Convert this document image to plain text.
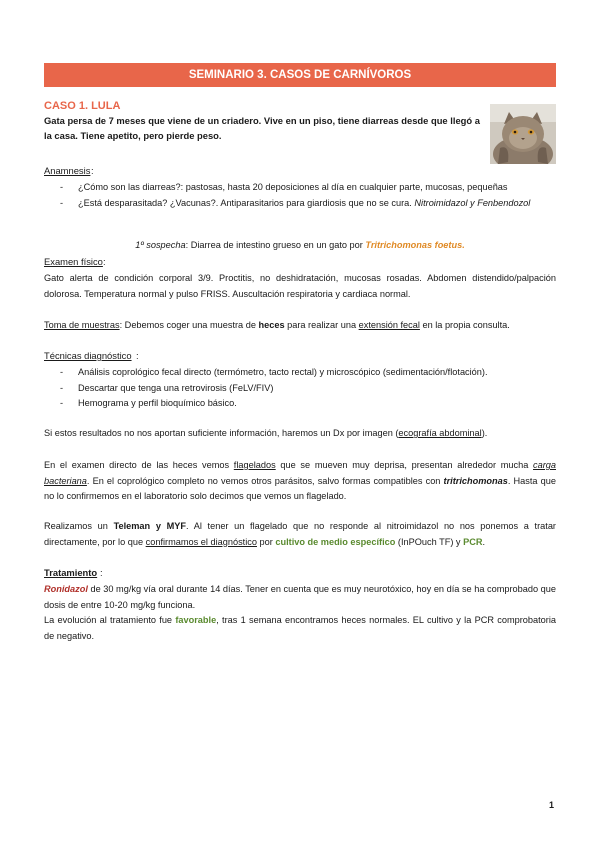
SEMINARIO 3. CASOS DE CARNÍVOROS
CASO 1. LULA
Gata persa de 7 meses que viene de un criadero. Vive en un piso, tiene diarreas desde que llegó a la casa. Tiene apetito, pero pierde peso.
Anamnesis :
- ¿Cómo son las diarreas?: pastosas, hasta 20 deposiciones al día en cualquier parte, mucosas, pequeñas
- ¿Está desparasitada? ¿Vacunas?. Antiparasitarios para giardiosis que no se cura. Nitroimidazol y Fenbendozol
1º sospecha: Diarrea de intestino grueso en un gato por Tritrichomonas foetus.
Examen físico :
Gato alerta de condición corporal 3/9. Proctitis, no deshidratación, mucosas rosadas. Abdomen distendido/palpación dolorosa. Temperatura normal y pulso FRISS. Auscultación respiratoria y cardiaca normal.
Toma de muestras: Debemos coger una muestra de heces para realizar una extensión fecal en la propia consulta.
Técnicas diagnóstico :
- Análisis coprológico fecal directo (termómetro, tacto rectal) y microscópico (sedimentación/flotación).
- Descartar que tenga una retrovirosis (FeLV/FIV)
- Hemograma y perfil bioquímico básico.
Si estos resultados no nos aportan suficiente información, haremos un Dx por imagen (ecografía abdominal).
En el examen directo de las heces vemos flagelados que se mueven muy deprisa, presentan alrededor mucha carga bacteriana. En el coprológico completo no vemos otros parásitos, salvo formas compatibles con tritrichomonas. Hasta que no lo confirmemos en el laboratorio solo decimos que vemos un flagelado.
Realizamos un Teleman y MYF. Al tener un flagelado que no responde al nitroimidazol no nos ponemos a tratar directamente, por lo que confirmamos el diagnóstico por cultivo de medio específico (InPOuch TF) y PCR.
Tratamiento :
Ronidazol de 30 mg/kg vía oral durante 14 días. Tener en cuenta que es muy neurotóxico, hoy en día se ha comprobado que dosis de entre 10-20 mg/kg funciona.
La evolución al tratamiento fue favorable, tras 1 semana encontramos heces normales. EL cultivo y la PCR comprobatoria de negativo.
1
